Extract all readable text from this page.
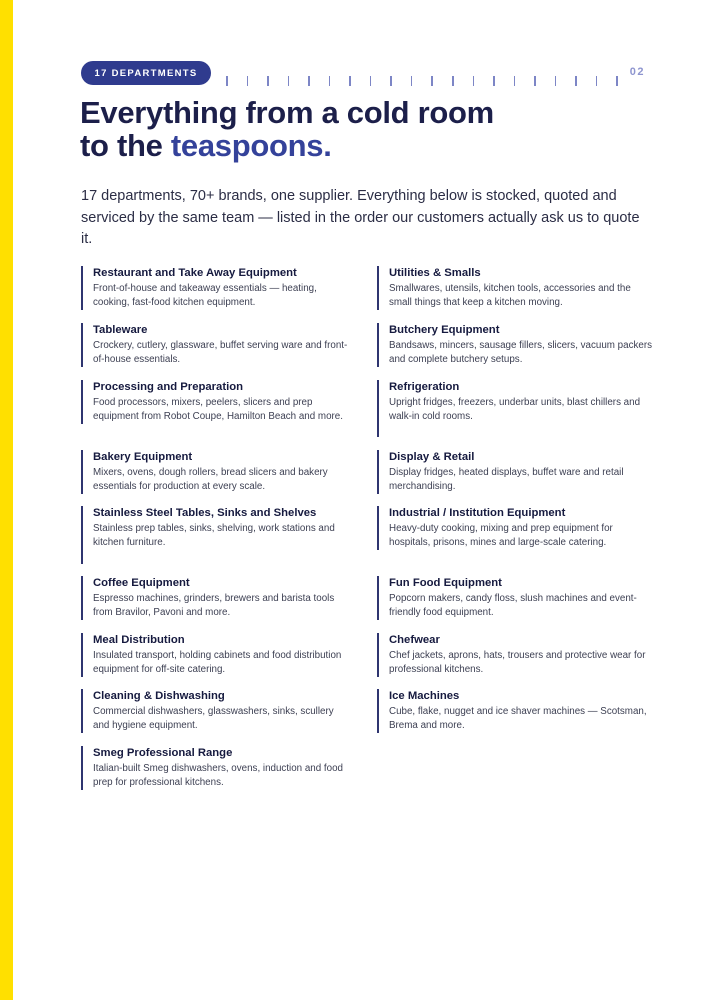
17 DEPARTMENTS	02
Everything from a cold room
to the teaspoons.

17 departments, 70+ brands, one supplier. Everything below is stocked, quoted and serviced by the same team — listed in the order our customers actually ask us to quote it.

Restaurant and Take Away Equipment
Front-of-house and takeaway essentials — heating, cooking, fast-food kitchen equipment.
Tableware
Crockery, cutlery, glassware, buffet serving ware and front-of-house essentials.
Processing and Preparation
Food processors, mixers, peelers, slicers and prep equipment from Robot Coupe, Hamilton Beach and more.
Bakery Equipment
Mixers, ovens, dough rollers, bread slicers and bakery essentials for production at every scale.
Stainless Steel Tables, Sinks and Shelves
Stainless prep tables, sinks, shelving, work stations and kitchen furniture.
Coffee Equipment
Espresso machines, grinders, brewers and barista tools from Bravilor, Pavoni and more.
Meal Distribution
Insulated transport, holding cabinets and food distribution equipment for off-site catering.
Cleaning & Dishwashing
Commercial dishwashers, glasswashers, sinks, scullery and hygiene equipment.
Smeg Professional Range
Italian-built Smeg dishwashers, ovens, induction and food prep for professional kitchens.
Utilities & Smalls
Smallwares, utensils, kitchen tools, accessories and the small things that keep a kitchen moving.
Butchery Equipment
Bandsaws, mincers, sausage fillers, slicers, vacuum packers and complete butchery setups.
Refrigeration
Upright fridges, freezers, underbar units, blast chillers and walk-in cold rooms.
Display & Retail
Display fridges, heated displays, buffet ware and retail merchandising.
Industrial / Institution Equipment
Heavy-duty cooking, mixing and prep equipment for hospitals, prisons, mines and large-scale catering.
Fun Food Equipment
Popcorn makers, candy floss, slush machines and event-friendly food equipment.
Chefwear
Chef jackets, aprons, hats, trousers and protective wear for professional kitchens.
Ice Machines
Cube, flake, nugget and ice shaver machines — Scotsman, Brema and more.
